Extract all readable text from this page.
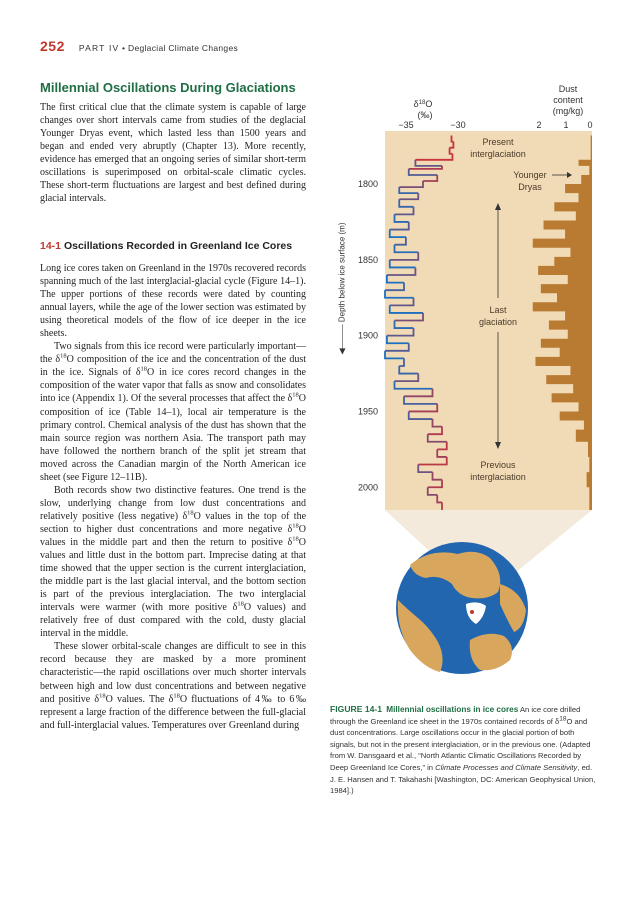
252 PART IV • Deglacial Climate Changes
Millennial Oscillations During Glaciations

The first critical clue that the climate system is capable of large changes over short intervals came from studies of the deglacial Younger Dryas event, which lasted less than 1500 years and began and ended very abruptly (Chapter 13). More recently, evidence has emerged that an ongoing series of similar short-term oscillations is superimposed on orbital-scale climatic cycles. These short-term fluctuations are largest and best defined during glacial intervals.

14-1 Oscillations Recorded in Greenland Ice Cores

Long ice cores taken on Greenland in the 1970s recovered records spanning much of the last interglacial-glacial cycle (Figure 14–1). The upper portions of these records were dated by counting annual layers, while the age of the lower section was estimated by using theoretical models of the flow of ice deeper in the ice sheets.

Two signals from this ice record were particularly important—the $\delta^{18}O$ composition of the ice and the concentration of the dust in the ice. Signals of $\delta^{18}O$ in ice cores record changes in the composition of the water vapor that falls as snow and consolidates into ice (Appendix 1). Of the several processes that affect the $\delta^{18}O$ composition of ice (Table 14–1), local air temperature is the primary control. Chemical analysis of the dust has shown that the main source region was northern Asia. The transport path may have followed the northern branch of the split jet stream that moved across the Canadian margin of the North American ice sheet (see Figure 12–11B).

Both records show two distinctive features. One trend is the slow, underlying change from low dust concentrations and relatively positive (less negative) $\delta^{18}O$ values in the top of the section to higher dust concentrations and more negative $\delta^{18}O$ values in the middle part and then the return to positive $\delta^{18}O$ values and little dust in the bottom part. Imprecise dating at that time showed that the upper section is the current interglaciation, the middle part is the last glacial interval, and the bottom section is part of the previous interglaciation. The two interglacial intervals were warmer (with more positive $\delta^{18}O$ values) and relatively free of dust compared with the cold, dusty glacial interval in the middle.

These slower orbital-scale changes are difficult to see in this record because they are masked by a more prominent characteristic—the rapid oscillations over much shorter intervals between high and low dust concentrations and between negative and positive $\delta^{18}O$ values. The $\delta^{18}O$ fluctuations of 4‰ to 6‰ represent a large fraction of the difference between the full-glacial and full-interglacial values. Temperatures over Greenland during

◀——— Depth below ice surface (m)
$\delta^{18}O$
(‰)
Dust
content
(mg/kg)
−35	−30	2 1 0
1800
1850
1900
1950
2000
Present
interglaciation
Younger
Dryas
Last
glaciation
Previous
interglaciation
FIGURE 14-1 Millennial oscillations in ice cores An ice core drilled through the Greenland ice sheet in the 1970s contained records of $\delta^{18}O$ and dust concentrations. Large oscillations occur in the glacial portion of both signals, but not in the present interglaciation, or in the previous one. (Adapted from W. Dansgaard et al., “North Atlantic Climatic Oscillations Recorded by Deep Greenland Ice Cores,” in Climate Processes and Climate Sensitivity, ed. J. E. Hansen and T. Takahashi [Washington, DC: American Geophysical Union, 1984].)
